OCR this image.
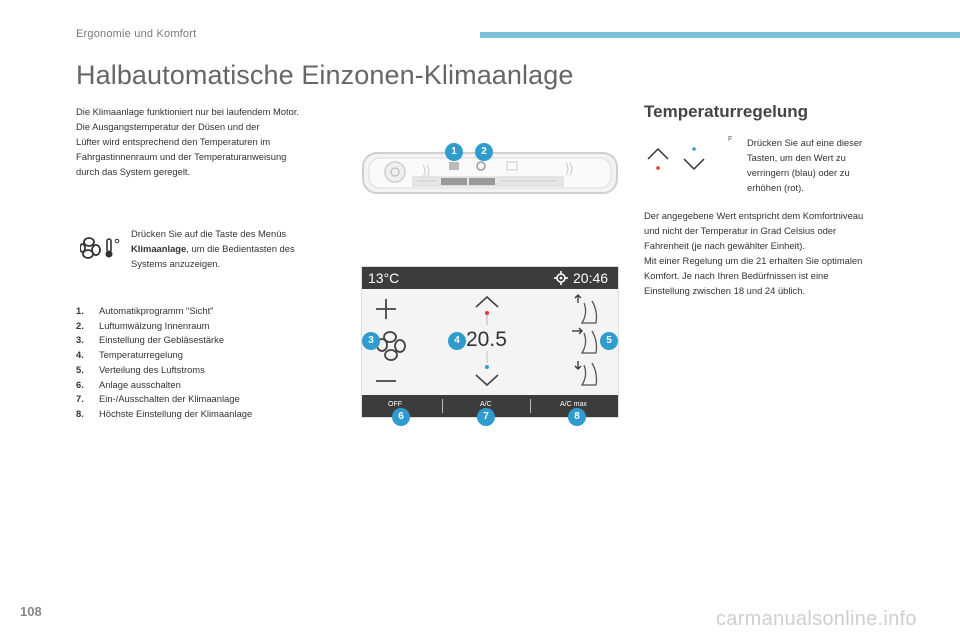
Ergonomie und Komfort
Halbautomatische Einzonen-Klimaanlage
Die Klimaanlage funktioniert nur bei laufendem Motor.
Die Ausgangstemperatur der Düsen und der
Lüfter wird entsprechend den Temperaturen im
Fahrgastinnenraum und der Temperaturanweisung
durch das System geregelt.
1	2
Drücken Sie auf die Taste des Menüs
Klimaanlage, um die Bedientasten des
Systems anzuzeigen.
1.	Automatikprogramm "Sicht"
2.	Luftumwälzung Innenraum
3.	Einstellung der Gebläsestärke
4.	Temperaturregelung
5.	Verteilung des Luftstroms
6.	Anlage ausschalten
7.	Ein-/Ausschalten der Klimaanlage
8.	Höchste Einstellung der Klimaanlage
13°C	20:46
20.5
OFF	A/C	A/C max
3	4	5
6	7	8
Temperaturregelung
F Drücken Sie auf eine dieser
Tasten, um den Wert zu
verringern (blau) oder zu
erhöhen (rot).
Der angegebene Wert entspricht dem Komfortniveau
und nicht der Temperatur in Grad Celsius oder
Fahrenheit (je nach gewählter Einheit).
Mit einer Regelung um die 21 erhalten Sie optimalen
Komfort. Je nach Ihren Bedürfnissen ist eine
Einstellung zwischen 18 und 24 üblich.
108	carmanualsonline.info
